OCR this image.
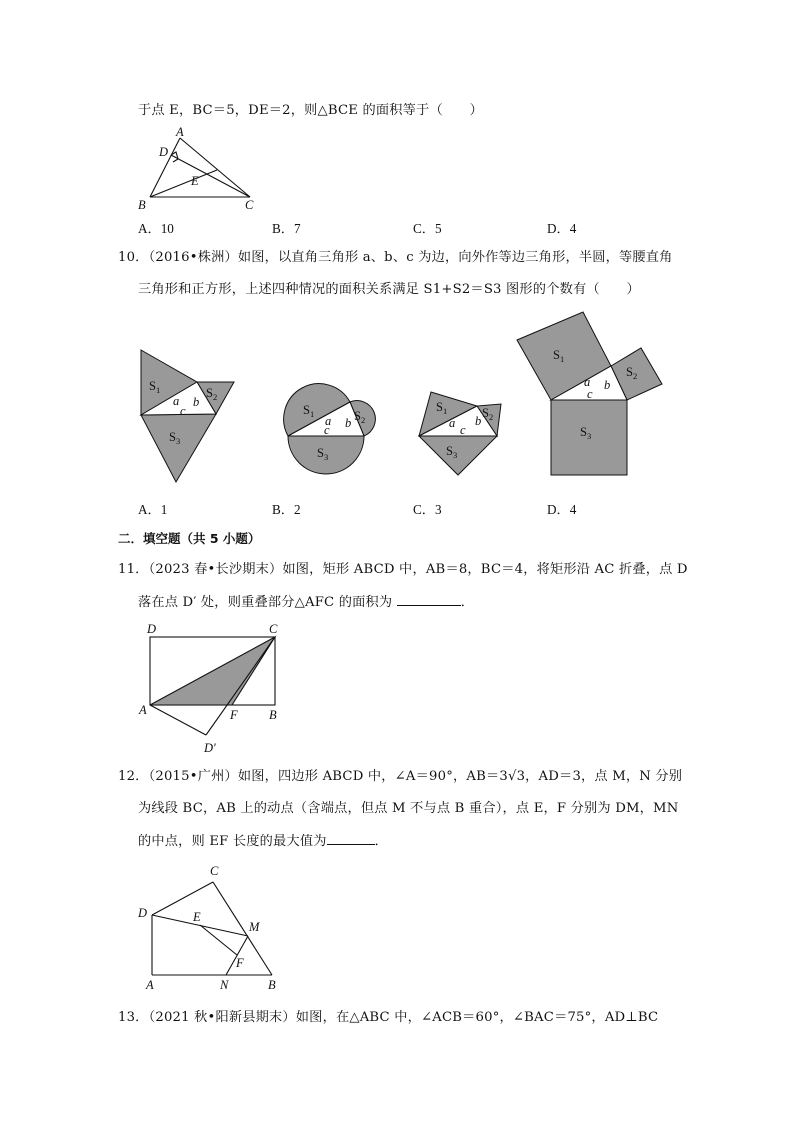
于点 E，BC＝5，DE＝2，则△BCE 的面积等于（　　）
A
D
E
B	C
A．10	B．7	C．5	D．4
10．（2016•株洲）如图，以直角三角形 a、b、c 为边，向外作等边三角形，半圆，等腰直角
三角形和正方形，上述四种情况的面积关系满足 S1+S2＝S3 图形的个数有（　　）
$S_1$	$S_2$
$S_3$
a b
c	$S_1$	$S_2$
$S_3$
a b
c
$S_1$	$S_2$
$S_3$
a b
c
$S_1$
$S_2$
$S_3$
a b
c
A．1	B．2	C．3	D．4
二．填空题（共 5 小题）
11．（2023 春•长沙期末）如图，矩形 ABCD 中，AB＝8，BC＝4，将矩形沿 AC 折叠，点 D
落在点 D′ 处，则重叠部分△AFC 的面积为	．
D	C
A	F	B
D′
12．（2015•广州）如图，四边形 ABCD 中，∠A＝90°，AB＝3√3，AD＝3，点 M，N 分别
为线段 BC，AB 上的动点（含端点，但点 M 不与点 B 重合），点 E，F 分别为 DM，MN
的中点，则 EF 长度的最大值为	．
C
D	E
M
F
A	N	B
13．（2021 秋•阳新县期末）如图，在△ABC 中，∠ACB＝60°，∠BAC＝75°，AD⊥BC
